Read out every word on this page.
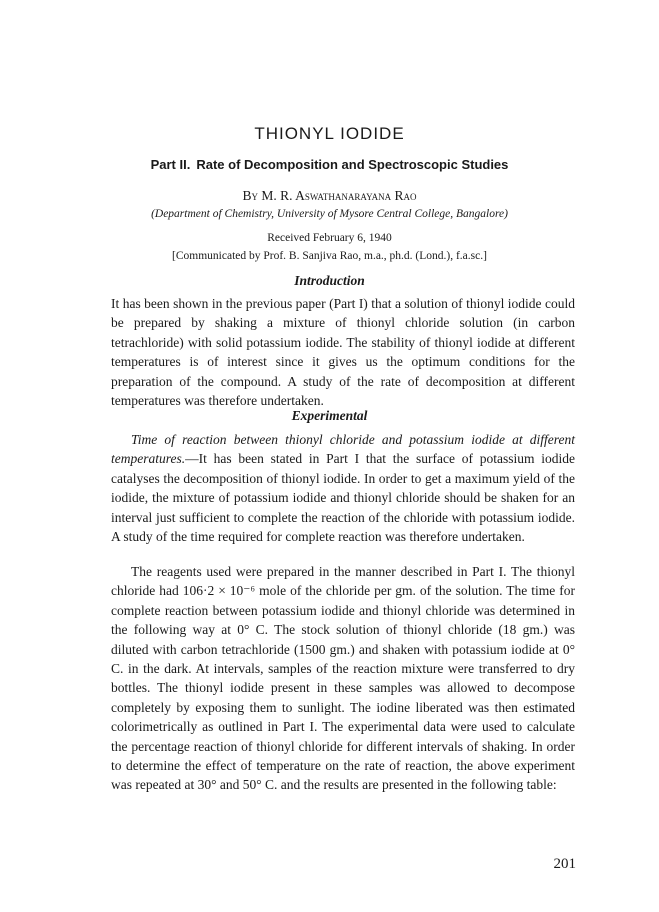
THIONYL IODIDE

Part II. Rate of Decomposition and Spectroscopic Studies

By M. R. Aswathanarayana Rao

(Department of Chemistry, University of Mysore Central College, Bangalore)

Received February 6, 1940

[Communicated by Prof. B. Sanjiva Rao, m.a., ph.d. (Lond.), f.a.sc.]

Introduction

It has been shown in the previous paper (Part I) that a solution of thionyl iodide could be prepared by shaking a mixture of thionyl chloride solution (in carbon tetrachloride) with solid potassium iodide. The stability of thionyl iodide at different temperatures is of interest since it gives us the optimum conditions for the preparation of the compound. A study of the rate of decomposition at different temperatures was therefore undertaken.

Experimental

Time of reaction between thionyl chloride and potassium iodide at different temperatures.—It has been stated in Part I that the surface of potassium iodide catalyses the decomposition of thionyl iodide. In order to get a maximum yield of the iodide, the mixture of potassium iodide and thionyl chloride should be shaken for an interval just sufficient to complete the reaction of the chloride with potassium iodide. A study of the time required for complete reaction was therefore undertaken.

The reagents used were prepared in the manner described in Part I. The thionyl chloride had 106·2 × 10⁻⁶ mole of the chloride per gm. of the solution. The time for complete reaction between potassium iodide and thionyl chloride was determined in the following way at 0° C. The stock solution of thionyl chloride (18 gm.) was diluted with carbon tetrachloride (1500 gm.) and shaken with potassium iodide at 0° C. in the dark. At intervals, samples of the reaction mixture were transferred to dry bottles. The thionyl iodide present in these samples was allowed to decompose completely by exposing them to sunlight. The iodine liberated was then estimated colorimetrically as outlined in Part I. The experimental data were used to calculate the percentage reaction of thionyl chloride for different intervals of shaking. In order to determine the effect of temperature on the rate of reaction, the above experiment was repeated at 30° and 50° C. and the results are presented in the following table:

201
